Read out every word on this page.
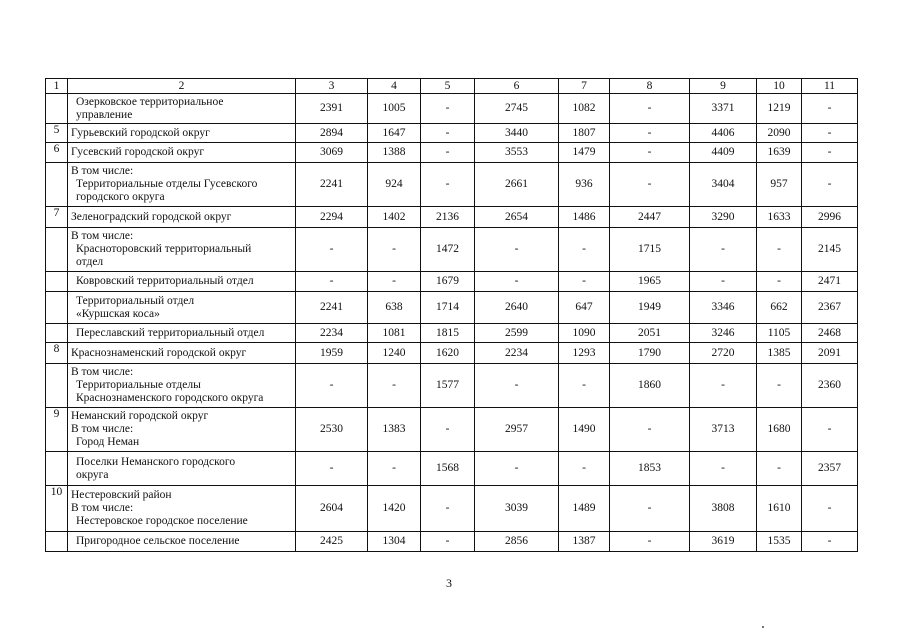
1	2	3	4	5	6	7	8	9	10	11

	Озерковское территориальное
управление	2391	1005	-	2745	1082	-	3371	1219	-
5	Гурьевский городской округ	2894	1647	-	3440	1807	-	4406	2090	-
6	Гусевский городской округ	3069	1388	-	3553	1479	-	4409	1639	-

	В том числе:
Территориальные отделы Гусевского
городского округа	2241	924	-	2661	936	-	3404	957	-
7	Зеленоградский городской округ	2294	1402	2136	2654	1486	2447	3290	1633	2996

	В том числе:
Красноторовский территориальный
отдел	-	-	1472	-	-	1715	-	-	2145

	Ковровский территориальный отдел	-	-	1679	-	-	1965	-	-	2471

	Территориальный отдел
«Куршская коса»	2241	638	1714	2640	647	1949	3346	662	2367

	Переславский территориальный отдел	2234	1081	1815	2599	1090	2051	3246	1105	2468
8	Краснознаменский городской округ	1959	1240	1620	2234	1293	1790	2720	1385	2091

	В том числе:
Территориальные отделы
Краснознаменского городского округа	-	-	1577	-	-	1860	-	-	2360
9	Неманский городской округ
В том числе:
Город Неман	2530	1383	-	2957	1490	-	3713	1680	-

	Поселки Неманского городского
округа	-	-	1568	-	-	1853	-	-	2357
10	Нестеровский район
В том числе:
Нестеровское городское поселение	2604	1420	-	3039	1489	-	3808	1610	-

	Пригородное сельское поселение	2425	1304	-	2856	1387	-	3619	1535	-
3
